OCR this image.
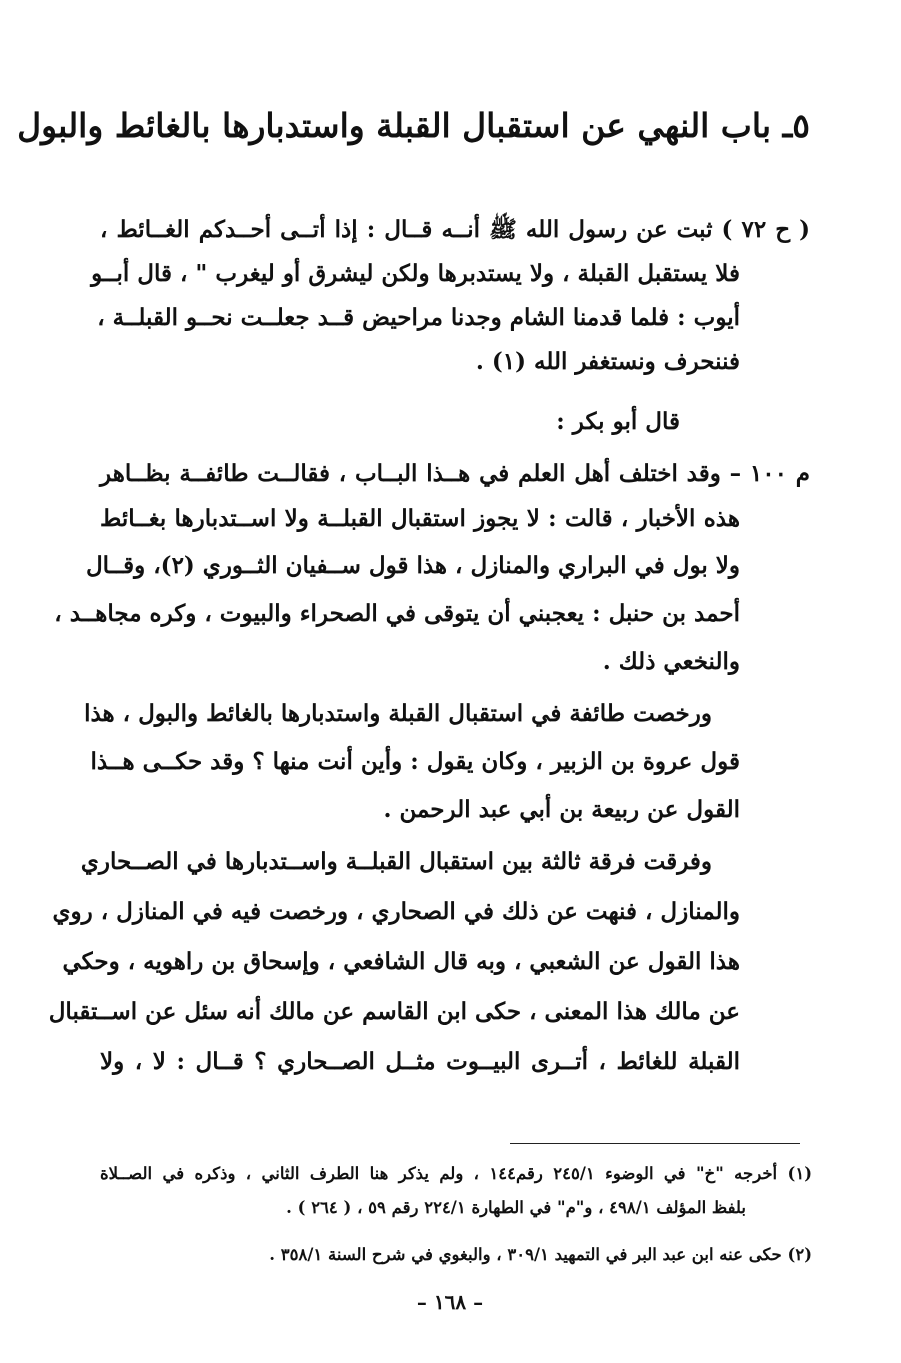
٥ـ باب النهي عن استقبال القبلة واستدبارها بالغائط والبول
( ح ٧٢ ) ثبت عن رسول الله ﷺ أنــه قــال : إذا أتــى أحــدكم الغــائط ،
فلا يستقبل القبلة ، ولا يستدبرها ولكن ليشرق أو ليغرب " ، قال أبــو
أيوب : فلما قدمنا الشام وجدنا مراحيض قــد جعلــت نحــو القبلــة ،
فننحرف ونستغفر الله (١) .
قال أبو بكر :
م ١٠٠ – وقد اختلف أهل العلم في هــذا البــاب ، فقالــت طائفــة بظــاهر
هذه الأخبار ، قالت : لا يجوز استقبال القبلــة ولا اســتدبارها بغــائط
ولا بول في البراري والمنازل ، هذا قول ســفيان الثــوري (٢)، وقــال
أحمد بن حنبل : يعجبني أن يتوقى في الصحراء والبيوت ، وكره مجاهــد ،
والنخعي ذلك .
ورخصت طائفة في استقبال القبلة واستدبارها بالغائط والبول ، هذا
قول عروة بن الزبير ، وكان يقول : وأين أنت منها ؟ وقد حكــى هــذا
القول عن ربيعة بن أبي عبد الرحمن .
وفرقت فرقة ثالثة بين استقبال القبلــة واســتدبارها في الصــحاري
والمنازل ، فنهت عن ذلك في الصحاري ، ورخصت فيه في المنازل ، روي
هذا القول عن الشعبي ، وبه قال الشافعي ، وإسحاق بن راهويه ، وحكي
عن مالك هذا المعنى ، حكى ابن القاسم عن مالك أنه سئل عن اســتقبال
القبلة للغائط ، أتــرى البيــوت مثــل الصــحاري ؟ قــال : لا ، ولا
(١) أخرجه "خ" في الوضوء ٢٤٥/١ رقم١٤٤ ، ولم يذكر هنا الطرف الثاني ، وذكره في الصــلاة
بلفظ المؤلف ٤٩٨/١ ، و"م" في الطهارة ٢٢٤/١ رقم ٥٩ ، ( ٢٦٤ ) .
(٢) حكى عنه ابن عبد البر في التمهيد ٣٠٩/١ ، والبغوي في شرح السنة ٣٥٨/١ .
– ١٦٨ –
